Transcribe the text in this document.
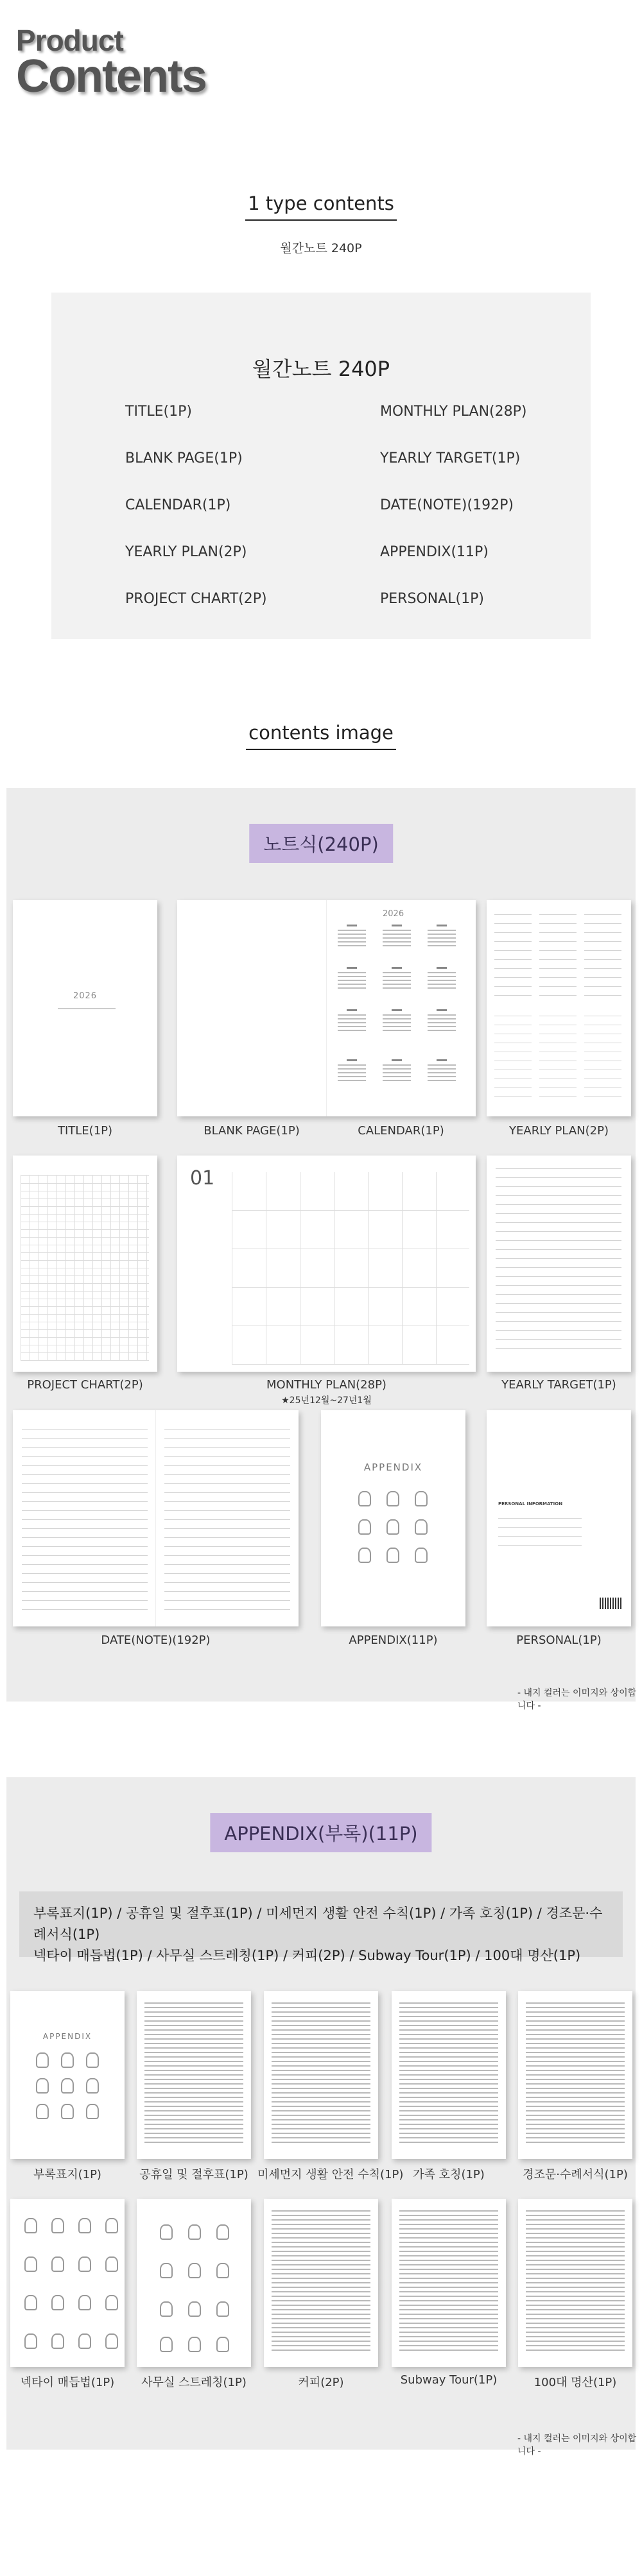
Product
Contents
1 type contents
월간노트 240P
월간노트 240P
TITLE(1P)
BLANK PAGE(1P)
CALENDAR(1P)
YEARLY PLAN(2P)
PROJECT CHART(2P)
MONTHLY PLAN(28P)
YEARLY TARGET(1P)
DATE(NOTE)(192P)
APPENDIX(11P)
PERSONAL(1P)
contents image
노트식(240P)
2026
2026
TITLE(1P)	BLANK PAGE(1P)	CALENDAR(1P)	YEARLY PLAN(2P)
01
PROJECT CHART(2P)	MONTHLY PLAN(28P)
★25년12월~27년1월
YEARLY TARGET(1P)
APPENDIX
PERSONAL INFORMATION
DATE(NOTE)(192P)	APPENDIX(11P)	PERSONAL(1P)
- 내지 컬러는 이미지와 상이합니다 -
APPENDIX(부록)(11P)
부록표지(1P) / 공휴일 및 절후표(1P) / 미세먼지 생활 안전 수칙(1P) / 가족 호칭(1P) / 경조문·수례서식(1P)
넥타이 매듭법(1P) / 사무실 스트레칭(1P) / 커피(2P) / Subway Tour(1P) / 100대 명산(1P)
APPENDIX
부록표지(1P)	공휴일 및 절후표(1P) 미세먼지 생활 안전 수칙(1P) 가족 호칭(1P)	경조문·수례서식(1P)
넥타이 매듭법(1P)	사무실 스트레칭(1P)	커피(2P)	Subway Tour(1P)	100대 명산(1P)
- 내지 컬러는 이미지와 상이합니다 -
